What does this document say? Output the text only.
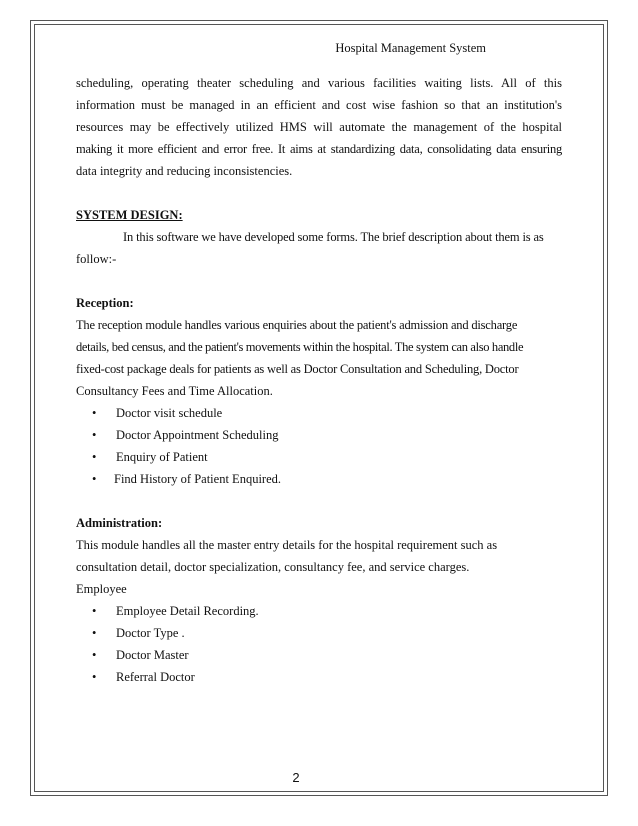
Hospital Management System

scheduling, operating theater scheduling and various facilities waiting lists. All of this

information must be managed in an efficient and cost wise fashion so that an institution's

resources may be effectively utilized HMS will automate the management of the hospital

making it more efficient and error free. It aims at standardizing data, consolidating data ensuring

data integrity and reducing inconsistencies.

SYSTEM DESIGN:

In this software we have developed some forms. The brief description about them is as

follow:-

Reception:

The reception module handles various enquiries about the patient's admission and discharge

details, bed census, and the patient's movements within the hospital. The system can also handle

fixed-cost package deals for patients as well as Doctor Consultation and Scheduling, Doctor

Consultancy Fees and Time Allocation.

• Doctor visit schedule
• Doctor Appointment Scheduling
• Enquiry of Patient
• Find History of Patient Enquired.

Administration:

This module handles all the master entry details for the hospital requirement such as

consultation detail, doctor specialization, consultancy fee, and service charges.

Employee

• Employee Detail Recording.
• Doctor Type .
• Doctor Master
• Referral Doctor
2
